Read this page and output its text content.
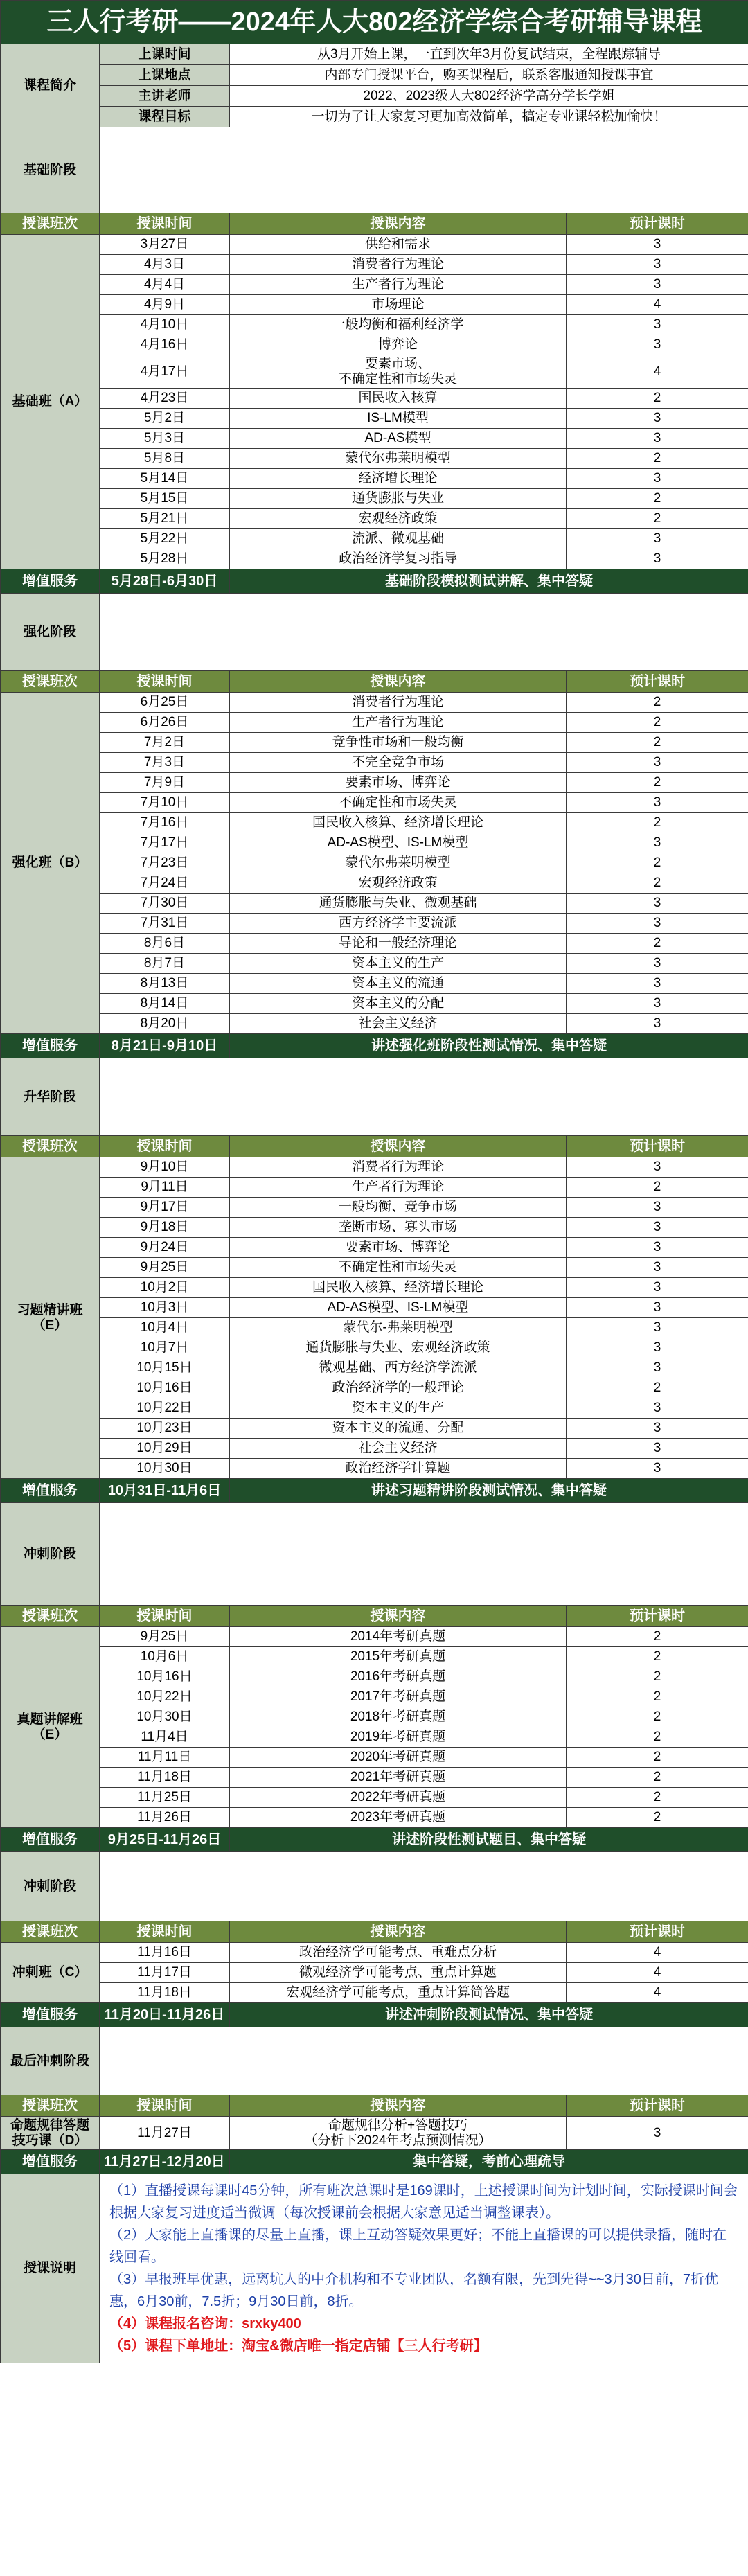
三人行考研——2024年人大802经济学综合考研辅导课程			
课程简介	上课时间	从3月开始上课，一直到次年3月份复试结束，全程跟踪辅导	
	上课地点	内部专门授课平台，购买课程后，联系客服通知授课事宜	
	主讲老师	2022、2023级人大802经济学高分学长学姐	
	课程目标	一切为了让大家复习更加高效简单，搞定专业课轻松加愉快！	
基础阶段			
授课班次	授课时间	授课内容	预计课时
基础班（A）	3月27日	供给和需求	3
	4月3日	消费者行为理论	3
	4月4日	生产者行为理论	3
	4月9日	市场理论	4
	4月10日	一般均衡和福利经济学	3
	4月16日	博弈论	3
	4月17日	要素市场、
不确定性和市场失灵	4
	4月23日	国民收入核算	2
	5月2日	IS-LM模型	3
	5月3日	AD-AS模型	3
	5月8日	蒙代尔弗莱明模型	2
	5月14日	经济增长理论	3
	5月15日	通货膨胀与失业	2
	5月21日	宏观经济政策	2
	5月22日	流派、微观基础	3
	5月28日	政治经济学复习指导	3
增值服务	5月28日-6月30日	基础阶段模拟测试讲解、集中答疑	
强化阶段			
授课班次	授课时间	授课内容	预计课时
强化班（B）	6月25日	消费者行为理论	2
	6月26日	生产者行为理论	2
	7月2日	竞争性市场和一般均衡	2
	7月3日	不完全竞争市场	3
	7月9日	要素市场、博弈论	2
	7月10日	不确定性和市场失灵	3
	7月16日	国民收入核算、经济增长理论	2
	7月17日	AD-AS模型、IS-LM模型	3
	7月23日	蒙代尔弗莱明模型	2
	7月24日	宏观经济政策	2
	7月30日	通货膨胀与失业、微观基础	3
	7月31日	西方经济学主要流派	3
	8月6日	导论和一般经济理论	2
	8月7日	资本主义的生产	3
	8月13日	资本主义的流通	3
	8月14日	资本主义的分配	3
	8月20日	社会主义经济	3
增值服务	8月21日-9月10日	讲述强化班阶段性测试情况、集中答疑	
升华阶段			
授课班次	授课时间	授课内容	预计课时
习题精讲班
（E）	9月10日	消费者行为理论	3
	9月11日	生产者行为理论	2
	9月17日	一般均衡、竞争市场	3
	9月18日	垄断市场、寡头市场	3
	9月24日	要素市场、博弈论	3
	9月25日	不确定性和市场失灵	3
	10月2日	国民收入核算、经济增长理论	3
	10月3日	AD-AS模型、IS-LM模型	3
	10月4日	蒙代尔-弗莱明模型	3
	10月7日	通货膨胀与失业、宏观经济政策	3
	10月15日	微观基础、西方经济学流派	3
	10月16日	政治经济学的一般理论	2
	10月22日	资本主义的生产	3
	10月23日	资本主义的流通、分配	3
	10月29日	社会主义经济	3
	10月30日	政治经济学计算题	3
增值服务	10月31日-11月6日	讲述习题精讲阶段测试情况、集中答疑	
冲刺阶段			
授课班次	授课时间	授课内容	预计课时
真题讲解班
（E）	9月25日	2014年考研真题	2
	10月6日	2015年考研真题	2
	10月16日	2016年考研真题	2
	10月22日	2017年考研真题	2
	10月30日	2018年考研真题	2
	11月4日	2019年考研真题	2
	11月11日	2020年考研真题	2
	11月18日	2021年考研真题	2
	11月25日	2022年考研真题	2
	11月26日	2023年考研真题	2
增值服务	9月25日-11月26日	讲述阶段性测试题目、集中答疑	
冲刺阶段			
授课班次	授课时间	授课内容	预计课时
冲刺班（C）	11月16日	政治经济学可能考点、重难点分析	4
	11月17日	微观经济学可能考点、重点计算题	4
	11月18日	宏观经济学可能考点，重点计算简答题	4
增值服务	11月20日-11月26日	讲述冲刺阶段测试情况、集中答疑	
最后冲刺阶段			
授课班次	授课时间	授课内容	预计课时
命题规律答题
技巧课（D）	11月27日	命题规律分析+答题技巧
（分析下2024年考点预测情况）	3
增值服务	11月27日-12月20日	集中答疑，考前心理疏导	
授课说明	（1）直播授课每课时45分钟，所有班次总课时是169课时，上述授课时间为计划时间，实际授课时间会根据大家复习进度适当微调（每次授课前会根据大家意见适当调整课表）。

（2）大家能上直播课的尽量上直播，课上互动答疑效果更好；不能上直播课的可以提供录播，随时在线回看。

（3）早报班早优惠，远离坑人的中介机构和不专业团队，名额有限，先到先得~~3月30日前，7折优惠，6月30前，7.5折；9月30日前，8折。

（4）课程报名咨询：srxky400

（5）课程下单地址：淘宝&微店唯一指定店铺【三人行考研】		
